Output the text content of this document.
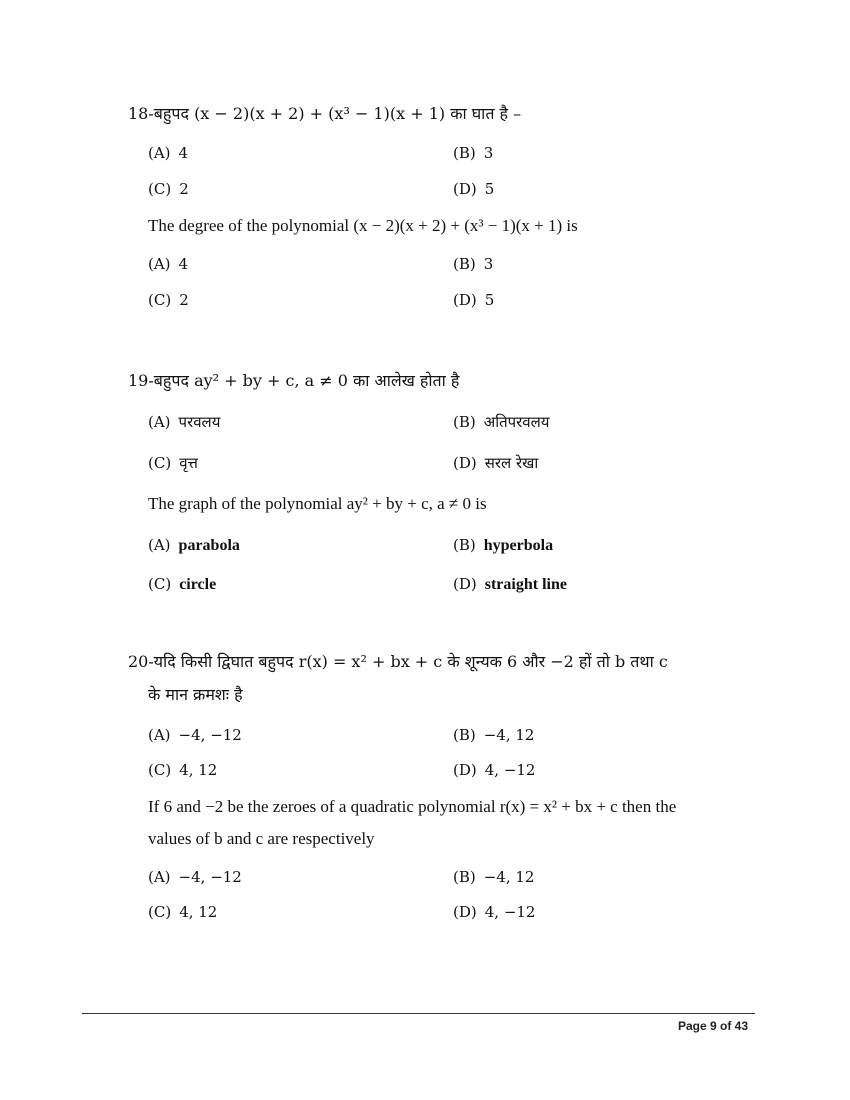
18-बहुपद (x − 2)(x + 2) + (x³ − 1)(x + 1) का घात है –
(A) 4	(B) 3
(C) 2	(D) 5
The degree of the polynomial (x − 2)(x + 2) + (x³ − 1)(x + 1) is
(A) 4	(B) 3
(C) 2	(D) 5
19-बहुपद ay² + by + c, a ≠ 0 का आलेख होता है
(A) परवलय	(B) अतिपरवलय
(C) वृत्त	(D) सरल रेखा
The graph of the polynomial ay² + by + c, a ≠ 0 is
(A) parabola	(B) hyperbola
(C) circle	(D) straight line
20-यदि किसी द्विघात बहुपद r(x) = x² + bx + c के शून्यक 6 और −2 हों तो b तथा c
के मान क्रमशः है
(A) −4, −12	(B) −4, 12
(C) 4, 12	(D) 4, −12
If 6 and −2 be the zeroes of a quadratic polynomial r(x) = x² + bx + c then the
values of b and c are respectively
(A) −4, −12	(B) −4, 12
(C) 4, 12	(D) 4, −12
Page 9 of 43
